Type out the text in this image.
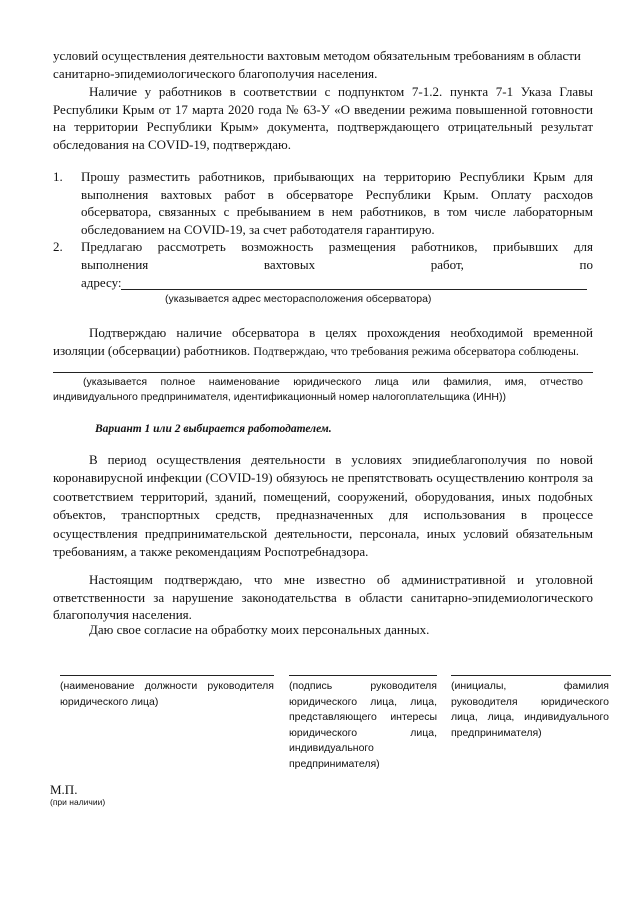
условий осуществления деятельности вахтовым методом обязательным требованиям в области
санитарно-эпидемиологического благополучия населения.
Наличие у работников в соответствии с подпунктом 7-1.2. пункта 7-1 Указа Главы Республики Крым от 17 марта 2020 года № 63-У «О введении режима повышенной готовности на территории Республики Крым» документа, подтверждающего отрицательный результат обследования на COVID-19, подтверждаю.
1. Прошу разместить работников, прибывающих на территорию Республики Крым для выполнения вахтовых работ в обсерваторе Республики Крым. Оплату расходов обсерватора, связанных с пребыванием в нем работников, в том числе лабораторным обследованием на COVID-19, за счет работодателя гарантирую.
2. Предлагаю рассмотреть возможность размещения работников, прибывших для
выполнения	вахтовых	работ,	по
адресу:
(указывается адрес месторасположения обсерватора)
Подтверждаю наличие обсерватора в целях прохождения необходимой временной изоляции (обсервации) работников. Подтверждаю, что требования режима обсерватора соблюдены.
(указывается полное наименование юридического лица или фамилия, имя, отчество индивидуального предпринимателя, идентификационный номер налогоплательщика (ИНН))
Вариант 1 или 2 выбирается работодателем.
В период осуществления деятельности в условиях эпидиеблагополучия по новой коронавирусной инфекции (COVID-19) обязуюсь не препятствовать осуществлению контроля за соответствием территорий, зданий, помещений, сооружений, оборудования, иных подобных объектов, транспортных средств, предназначенных для использования в процессе осуществления предпринимательской деятельности, персонала, иных условий обязательным требованиям, а также рекомендациям Роспотребнадзора.
Настоящим подтверждаю, что мне известно об административной и уголовной ответственности за нарушение законодательства в области санитарно-эпидемиологического благополучия населения.
Даю свое согласие на обработку моих персональных данных.
(наименование должности руководителя юридического лица)
(подпись руководителя юридического лица, лица, представляющего интересы юридического лица, индивидуального предпринимателя)
(инициалы, фамилия руководителя юридического лица, лица, индивидуального предпринимателя)
М.П.
(при наличии)
